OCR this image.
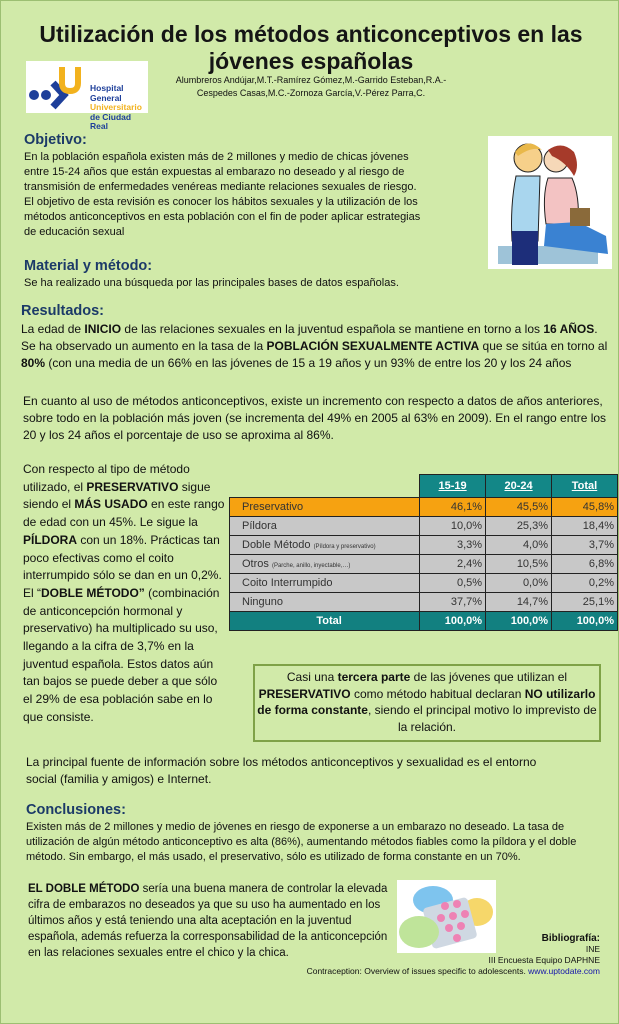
Utilización de los métodos anticonceptivos en las jóvenes españolas
Hospital General
Universitario
de Ciudad Real
Alumbreros Andújar,M.T.-Ramírez Gómez,M.-Garrido Esteban,R.A.-
Cespedes Casas,M.C.-Zornoza García,V.-Pérez Parra,C.
Objetivo:
En la población española existen más de 2 millones y medio de chicas jóvenes
entre 15-24 años que están expuestas al embarazo no deseado y al riesgo de
transmisión de enfermedades venéreas mediante relaciones sexuales de riesgo.
El objetivo de esta revisión es conocer los hábitos sexuales y la utilización de los
métodos anticonceptivos en esta población con el fin de poder aplicar estrategias
de educación sexual
Material y método:
Se ha realizado una búsqueda por las principales bases de datos españolas.
Resultados:
La edad de INICIO de las relaciones sexuales en la juventud española se mantiene en torno a los 16 AÑOS. Se ha observado un aumento en la tasa de la POBLACIÓN SEXUALMENTE ACTIVA que se sitúa en torno al 80% (con una media de un 66% en las jóvenes de 15 a 19 años y un 93% de entre los 20 y los 24 años
En cuanto al uso de métodos anticonceptivos, existe un incremento con respecto a datos de años anteriores, sobre todo en la población más joven (se incrementa del 49% en 2005 al 63% en 2009). En el rango entre los 20 y los 24 años el porcentaje de uso se aproxima al 86%.
Con respecto al tipo de método utilizado, el PRESERVATIVO sigue siendo el MÁS USADO en este rango de edad con un 45%. Le sigue la PÍLDORA con un 18%. Prácticas tan poco efectivas como el coito interrumpido sólo se dan en un 0,2%. El “DOBLE MÉTODO” (combinación de anticoncepción hormonal y preservativo) ha multiplicado su uso, llegando a la cifra de 3,7% en la juventud española. Estos datos aún tan bajos se puede deber a que sólo el 29% de esa población sabe en lo que consiste.
	15-19	20-24	Total
Preservativo	46,1%	45,5%	45,8%
Píldora	10,0%	25,3%	18,4%
Doble Método (Píldora y preservativo)	3,3%	4,0%	3,7%
Otros (Parche, anillo, inyectable,…)	2,4%	10,5%	6,8%
Coito Interrumpido	0,5%	0,0%	0,2%
Ninguno	37,7%	14,7%	25,1%
Total	100,0%	100,0%	100,0%
Casi una tercera parte de las jóvenes que utilizan el PRESERVATIVO como método habitual declaran NO utilizarlo de forma constante, siendo el principal motivo lo imprevisto de la relación.
La principal fuente de información sobre los métodos anticonceptivos y sexualidad es el entorno social (familia y amigos) e Internet.
Conclusiones:
Existen más de 2 millones y medio de jóvenes en riesgo de exponerse a un embarazo no deseado. La tasa de utilización de algún método anticonceptivo es alta (86%), aumentando métodos fiables como la píldora y el doble método. Sin embargo, el más usado, el preservativo, sólo es utilizado de forma constante en un 70%.
EL DOBLE MÉTODO sería una buena manera de controlar la elevada cifra de embarazos no deseados ya que su uso ha aumentado en los últimos años y está teniendo una alta aceptación en la juventud española, además refuerza la corresponsabilidad de la anticoncepción en las relaciones sexuales entre el chico y la chica.
Bibliografía:
INE
III Encuesta Equipo DAPHNE
Contraception: Overview of issues specific to adolescents. www.uptodate.com
